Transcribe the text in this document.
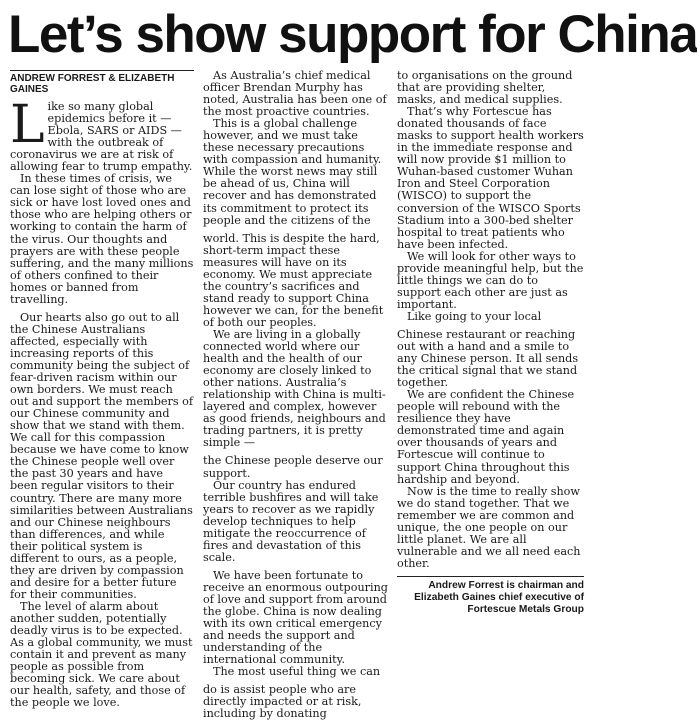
Let’s show support for China
ANDREW FORREST & ELIZABETH GAINES

Like so many global epidemics before it — Ebola, SARS or AIDS — with the outbreak of coronavirus we are at risk of allowing fear to trump empathy.

In these times of crisis, we can lose sight of those who are sick or have lost loved ones and those who are helping others or working to contain the harm of the virus. Our thoughts and prayers are with these people suffering, and the many millions of others confined to their homes or banned from travelling.

Our hearts also go out to all the Chinese Australians affected, especially with increasing reports of this community being the subject of fear-driven racism within our own borders. We must reach out and support the members of our Chinese community and show that we stand with them. We call for this compassion because we have come to know the Chinese people well over the past 30 years and have been regular visitors to their country. There are many more similarities between Australians and our Chinese neighbours than differences, and while their political system is different to ours, as a people, they are driven by compassion and desire for a better future for their communities.

The level of alarm about another sudden, potentially deadly virus is to be expected. As a global community, we must contain it and prevent as many people as possible from becoming sick. We care about our health, safety, and those of the people we love.

As Australia’s chief medical officer Brendan Murphy has noted, Australia has been one of the most proactive countries.

This is a global challenge however, and we must take these necessary precautions with compassion and humanity. While the worst news may still be ahead of us, China will recover and has demonstrated its commitment to protect its people and the citizens of the

world. This is despite the hard, short-term impact these measures will have on its economy. We must appreciate the country’s sacrifices and stand ready to support China however we can, for the benefit of both our peoples.

We are living in a globally connected world where our health and the health of our economy are closely linked to other nations. Australia’s relationship with China is multi-layered and complex, however as good friends, neighbours and trading partners, it is pretty simple —

the Chinese people deserve our support.

Our country has endured terrible bushfires and will take years to recover as we rapidly develop techniques to help mitigate the reoccurrence of fires and devastation of this scale.

We have been fortunate to receive an enormous outpouring of love and support from around the globe. China is now dealing with its own critical emergency and needs the support and understanding of the international community.

The most useful thing we can

do is assist people who are directly impacted or at risk, including by donating

to organisations on the ground that are providing shelter, masks, and medical supplies.

That’s why Fortescue has donated thousands of face masks to support health workers in the immediate response and will now provide $1 million to Wuhan-based customer Wuhan Iron and Steel Corporation (WISCO) to support the conversion of the WISCO Sports Stadium into a 300-bed shelter hospital to treat patients who have been infected.

We will look for other ways to provide meaningful help, but the little things we can do to support each other are just as important.

Like going to your local

Chinese restaurant or reaching out with a hand and a smile to any Chinese person. It all sends the critical signal that we stand together.

We are confident the Chinese people will rebound with the resilience they have demonstrated time and again over thousands of years and Fortescue will continue to support China throughout this hardship and beyond.

Now is the time to really show we do stand together. That we remember we are common and unique, the one people on our little planet. We are all vulnerable and we all need each other.

Andrew Forrest is chairman and Elizabeth Gaines chief executive of Fortescue Metals Group
